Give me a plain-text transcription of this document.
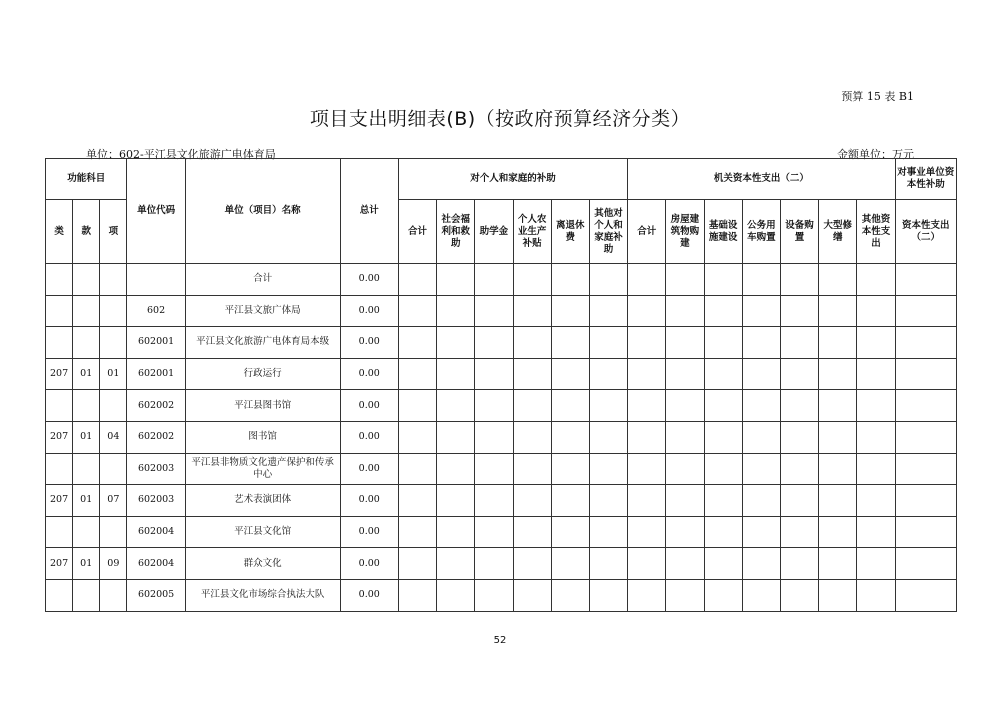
预算 15 表 B1
项目支出明细表(B)（按政府预算经济分类）
单位：602-平江县文化旅游广电体育局	金额单位：万元
功能科目			单位代码	单位（项目）名称	总计	对个人和家庭的补助						机关资本性支出（二）							对事业单位资本性补助
类	款	项				合计	社会福利和救助	助学金	个人农业生产补贴	离退休费	其他对个人和家庭补助	合计	房屋建筑物购建	基础设施建设	公务用车购置	设备购置	大型修缮	其他资本性支出	资本性支出（二）
				合计	0.00														
			602	平江县文旅广体局	0.00														
			602001	平江县文化旅游广电体育局本级	0.00														
207	01	01	602001	行政运行	0.00														
			602002	平江县图书馆	0.00														
207	01	04	602002	图书馆	0.00														
			602003	平江县非物质文化遗产保护和传承中心	0.00														
207	01	07	602003	艺术表演团体	0.00														
			602004	平江县文化馆	0.00														
207	01	09	602004	群众文化	0.00														
			602005	平江县文化市场综合执法大队	0.00														
52
